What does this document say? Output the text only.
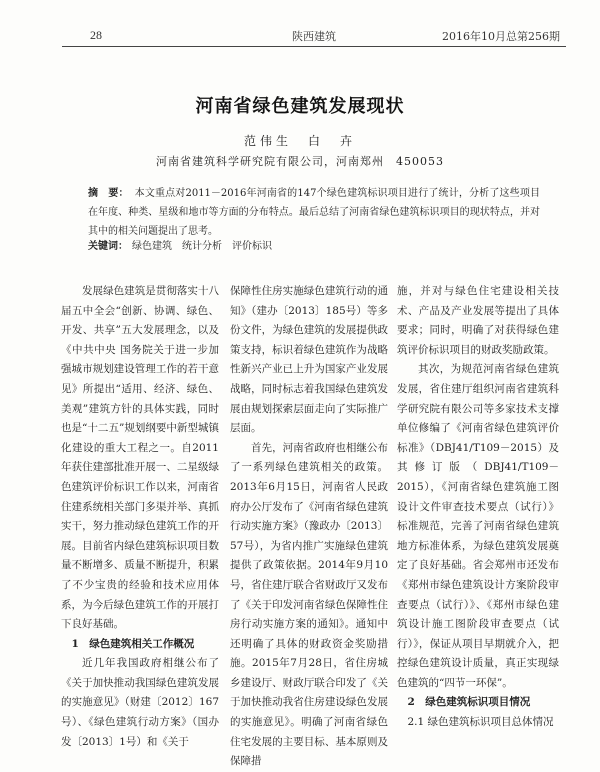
28	陕西建筑	2016年10月总第256期
河南省绿色建筑发展现状
范伟生　白　卉
河南省建筑科学研究院有限公司，河南郑州　450053
摘　要： 本文重点对2011－2016年河南省的147个绿色建筑标识项目进行了统计，分析了这些项目在年度、种类、星级和地市等方面的分布特点。最后总结了河南省绿色建筑标识项目的现状特点，并对其中的相关问题提出了思考。
关键词： 绿色建筑　统计分析　评价标识

发展绿色建筑是贯彻落实十八届五中全会“创新、协调、绿色、开发、共享”五大发展理念，以及《中共中央 国务院关于进一步加强城市规划建设管理工作的若干意见》所提出“适用、经济、绿色、美观”建筑方针的具体实践，同时也是“十二五”规划纲要中新型城镇化建设的重大工程之一。自2011年获住建部批准开展一、二星级绿色建筑评价标识工作以来，河南省住建系统相关部门多渠并举、真抓实干，努力推动绿色建筑工作的开展。目前省内绿色建筑标识项目数量不断增多、质量不断提升，积累了不少宝贵的经验和技术应用体系，为今后绿色建筑工作的开展打下良好基础。

1　绿色建筑相关工作概况

近几年我国政府相继公布了《关于加快推动我国绿色建筑发展的实施意见》（财建〔2012〕167号）、《绿色建筑行动方案》（国办发〔2013〕1号）和《关于

保障性住房实施绿色建筑行动的通知》（建办〔2013〕185号）等多份文件，为绿色建筑的发展提供政策支持，标识着绿色建筑作为战略性新兴产业已上升为国家产业发展战略，同时标志着我国绿色建筑发展由规划探索层面走向了实际推广层面。

首先，河南省政府也相继公布了一系列绿色建筑相关的政策。2013年6月15日，河南省人民政府办公厅发布了《河南省绿色建筑行动实施方案》（豫政办〔2013〕57号），为省内推广实施绿色建筑提供了政策依据。2014年9月10号，省住建厅联合省财政厅又发布了《关于印发河南省绿色保障性住房行动实施方案的通知》。通知中还明确了具体的财政资金奖励措施。2015年7月28日，省住房城乡建设厅、财政厅联合印发了《关于加快推动我省住房建设绿色发展的实施意见》。明确了河南省绿色住宅发展的主要目标、基本原则及保障措

施，并对与绿色住宅建设相关技术、产品及产业发展等提出了具体要求；同时，明确了对获得绿色建筑评价标识项目的财政奖励政策。

其次，为规范河南省绿色建筑发展，省住建厅组织河南省建筑科学研究院有限公司等多家技术支撑单位修编了《河南省绿色建筑评价标准》（DBJ41/T109－2015）及其修订版（DBJ41/T109－2015），《河南省绿色建筑施工图设计文件审查技术要点（试行）》标准规范，完善了河南省绿色建筑地方标准体系，为绿色建筑发展奠定了良好基础。省会郑州市还发布《郑州市绿色建筑设计方案阶段审查要点（试行）》、《郑州市绿色建筑设计施工图阶段审查要点（试行）》，保证从项目早期就介入，把控绿色建筑设计质量，真正实现绿色建筑的“四节一环保”。

2　绿色建筑标识项目情况
2.1 绿色建筑标识项目总体情况
